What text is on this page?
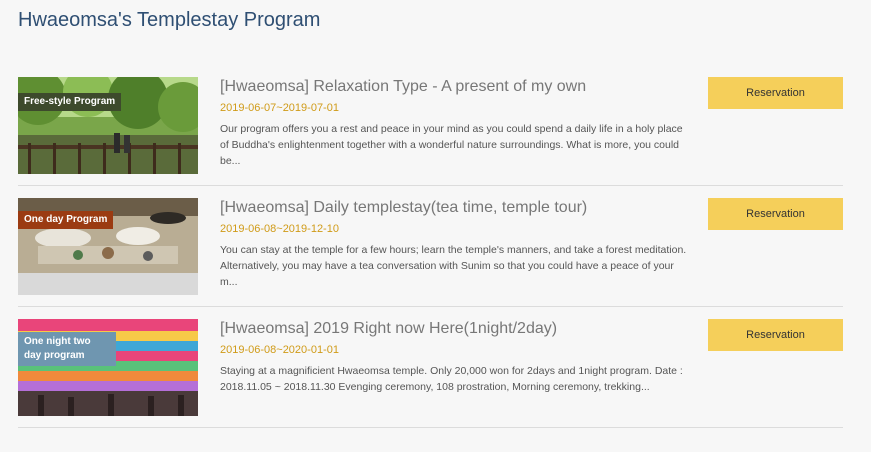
Hwaeomsa's Templestay Program
Free-style Program

[Hwaeomsa] Relaxation Type - A present of my own

2019-06-07~2019-07-01
Our program offers you a rest and peace in your mind as you could spend a daily life in a holy place of Buddha's enlightenment together with a wonderful nature surroundings. What is more, you could be...
Reservation
One day Program

[Hwaeomsa] Daily templestay(tea time, temple tour)

2019-06-08~2019-12-10
You can stay at the temple for a few hours; learn the temple's manners, and take a forest meditation. Alternatively, you may have a tea conversation with Sunim so that you could have a peace of your m...
Reservation
One night two day program

[Hwaeomsa] 2019 Right now Here(1night/2day)

2019-06-08~2020-01-01
Staying at a magnificient Hwaeomsa temple. Only 20,000 won for 2days and 1night program. Date : 2018.11.05 ~ 2018.11.30 Evenging ceremony, 108 prostration, Morning ceremony, trekking...
Reservation
